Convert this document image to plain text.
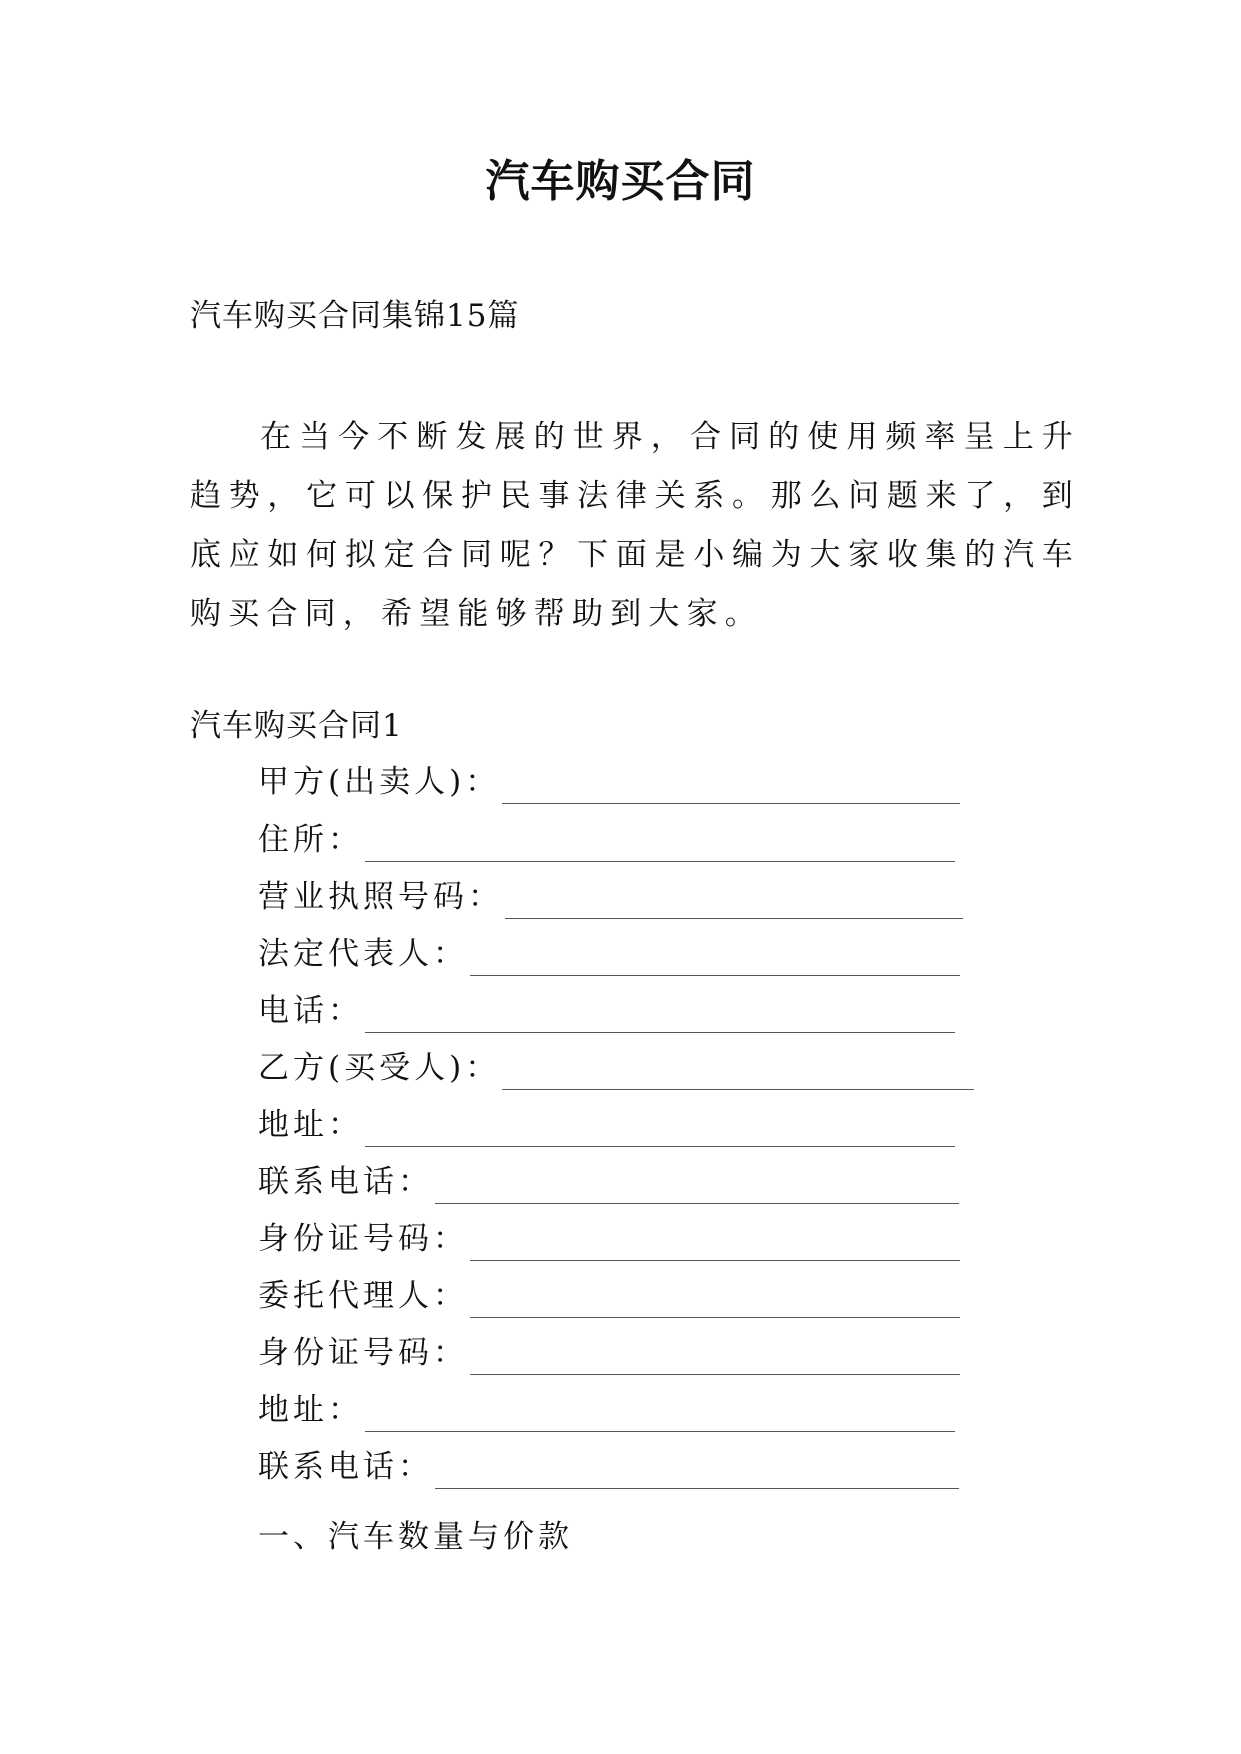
汽车购买合同
汽车购买合同集锦15篇
在当今不断发展的世界，合同的使用频率呈上升趋势，它可以保护民事法律关系。那么问题来了，到底应如何拟定合同呢？下面是小编为大家收集的汽车购买合同，希望能够帮助到大家。
汽车购买合同1
甲方(出卖人)：
住所：
营业执照号码：
法定代表人：
电话：
乙方(买受人)：
地址：
联系电话：
身份证号码：
委托代理人：
身份证号码：
地址：
联系电话：
一、汽车数量与价款
